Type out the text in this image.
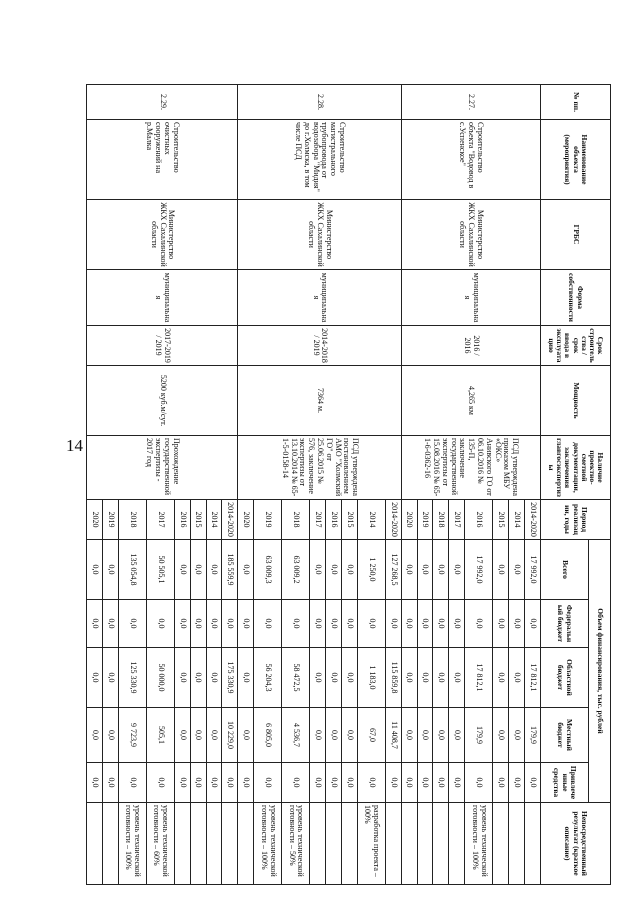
14
№ пп.	Наименование объекта (мероприятия)	ГРБС	Форма собственности	Срок строительства / срок ввода в эксплуатацию	Мощность	Наличие проектно-сметной документации, заключения главгосэкспертизы	Период реализации, годы	Объем финансирования, тыс. рублей					Непосредственный результат (краткое описание)
								Всего	Федеральный бюджет	Областной бюджет	Местный бюджет	Привлеченные средства	
2.27.	Строительство объекта "Водовод в с.Успенское"	Министерство ЖКХ Сахалинской области	муниципальная	2016 / 2016	4,265 км	ПСД утверждена приказом МБУ «ОКС» Анивского ГО от 06.10.2016 № 135-П, заключение государственной экспертизы от 15.08.2016 № 65-1-6-0362-16	2014-2020	17 992,0	0,0	17 812,1	179,9	0,0	
							2014	0,0	0,0	0,0	0,0	0,0	
							2015	0,0	0,0	0,0	0,0	0,0	
							2016	17 992,0	0,0	17 812,1	179,9	0,0	уровень технической готовности – 100%
							2017	0,0	0,0	0,0	0,0	0,0	
							2018	0,0	0,0	0,0	0,0	0,0	
							2019	0,0	0,0	0,0	0,0	0,0	
							2020	0,0	0,0	0,0	0,0	0,0	
2.28.	Строительство магистрального трубопровода от водозабора "Мидия" до г.Холмска, в том числе ПСД	Министерство ЖКХ Сахалинской области	муниципальная	2014-2018 / 2019	7364 м.	ПСД утверждена постановлением АМО "Холмский ГО" от 25.06.2015 № 576, заключение экспертизы от 13.10.2014 № 65-1-5-0158-14	2014-2020	127 268,5	0,0	115 859,8	11 408,7	0,0	
							2014	1 250,0	0,0	1 183,0	67,0	0,0	разработка проекта – 100%
							2015	0,0	0,0	0,0	0,0	0,0	
							2016	0,0	0,0	0,0	0,0	0,0	
							2017	0,0	0,0	0,0	0,0	0,0	
							2018	63 009,2	0,0	58 472,5	4 536,7	0,0	уровень технической готовности – 50%
							2019	63 009,3	0,0	56 204,3	6 805,0	0,0	уровень технической готовности – 100%
							2020	0,0	0,0	0,0	0,0	0,0	
2.29.	Строительство очистных сооружений на р.Малка	Министерство ЖКХ Сахалинской области	муниципальная	2017-2019 / 2019	5200 куб.м/сут.	Прохождение государственной экспертизы - 2017 год	2014-2020	185 559,9	0,0	175 330,9	10 229,0	0,0	
							2014	0,0	0,0	0,0	0,0	0,0	
							2015	0,0	0,0	0,0	0,0	0,0	
							2016	0,0	0,0	0,0	0,0	0,0	
							2017	50 505,1	0,0	50 000,0	505,1	0,0	уровень технической готовности – 60%
							2018	135 054,8	0,0	125 330,9	9 723,9	0,0	уровень технической готовности – 100%
							2019	0,0	0,0	0,0	0,0	0,0	
							2020	0,0	0,0	0,0	0,0	0,0	
